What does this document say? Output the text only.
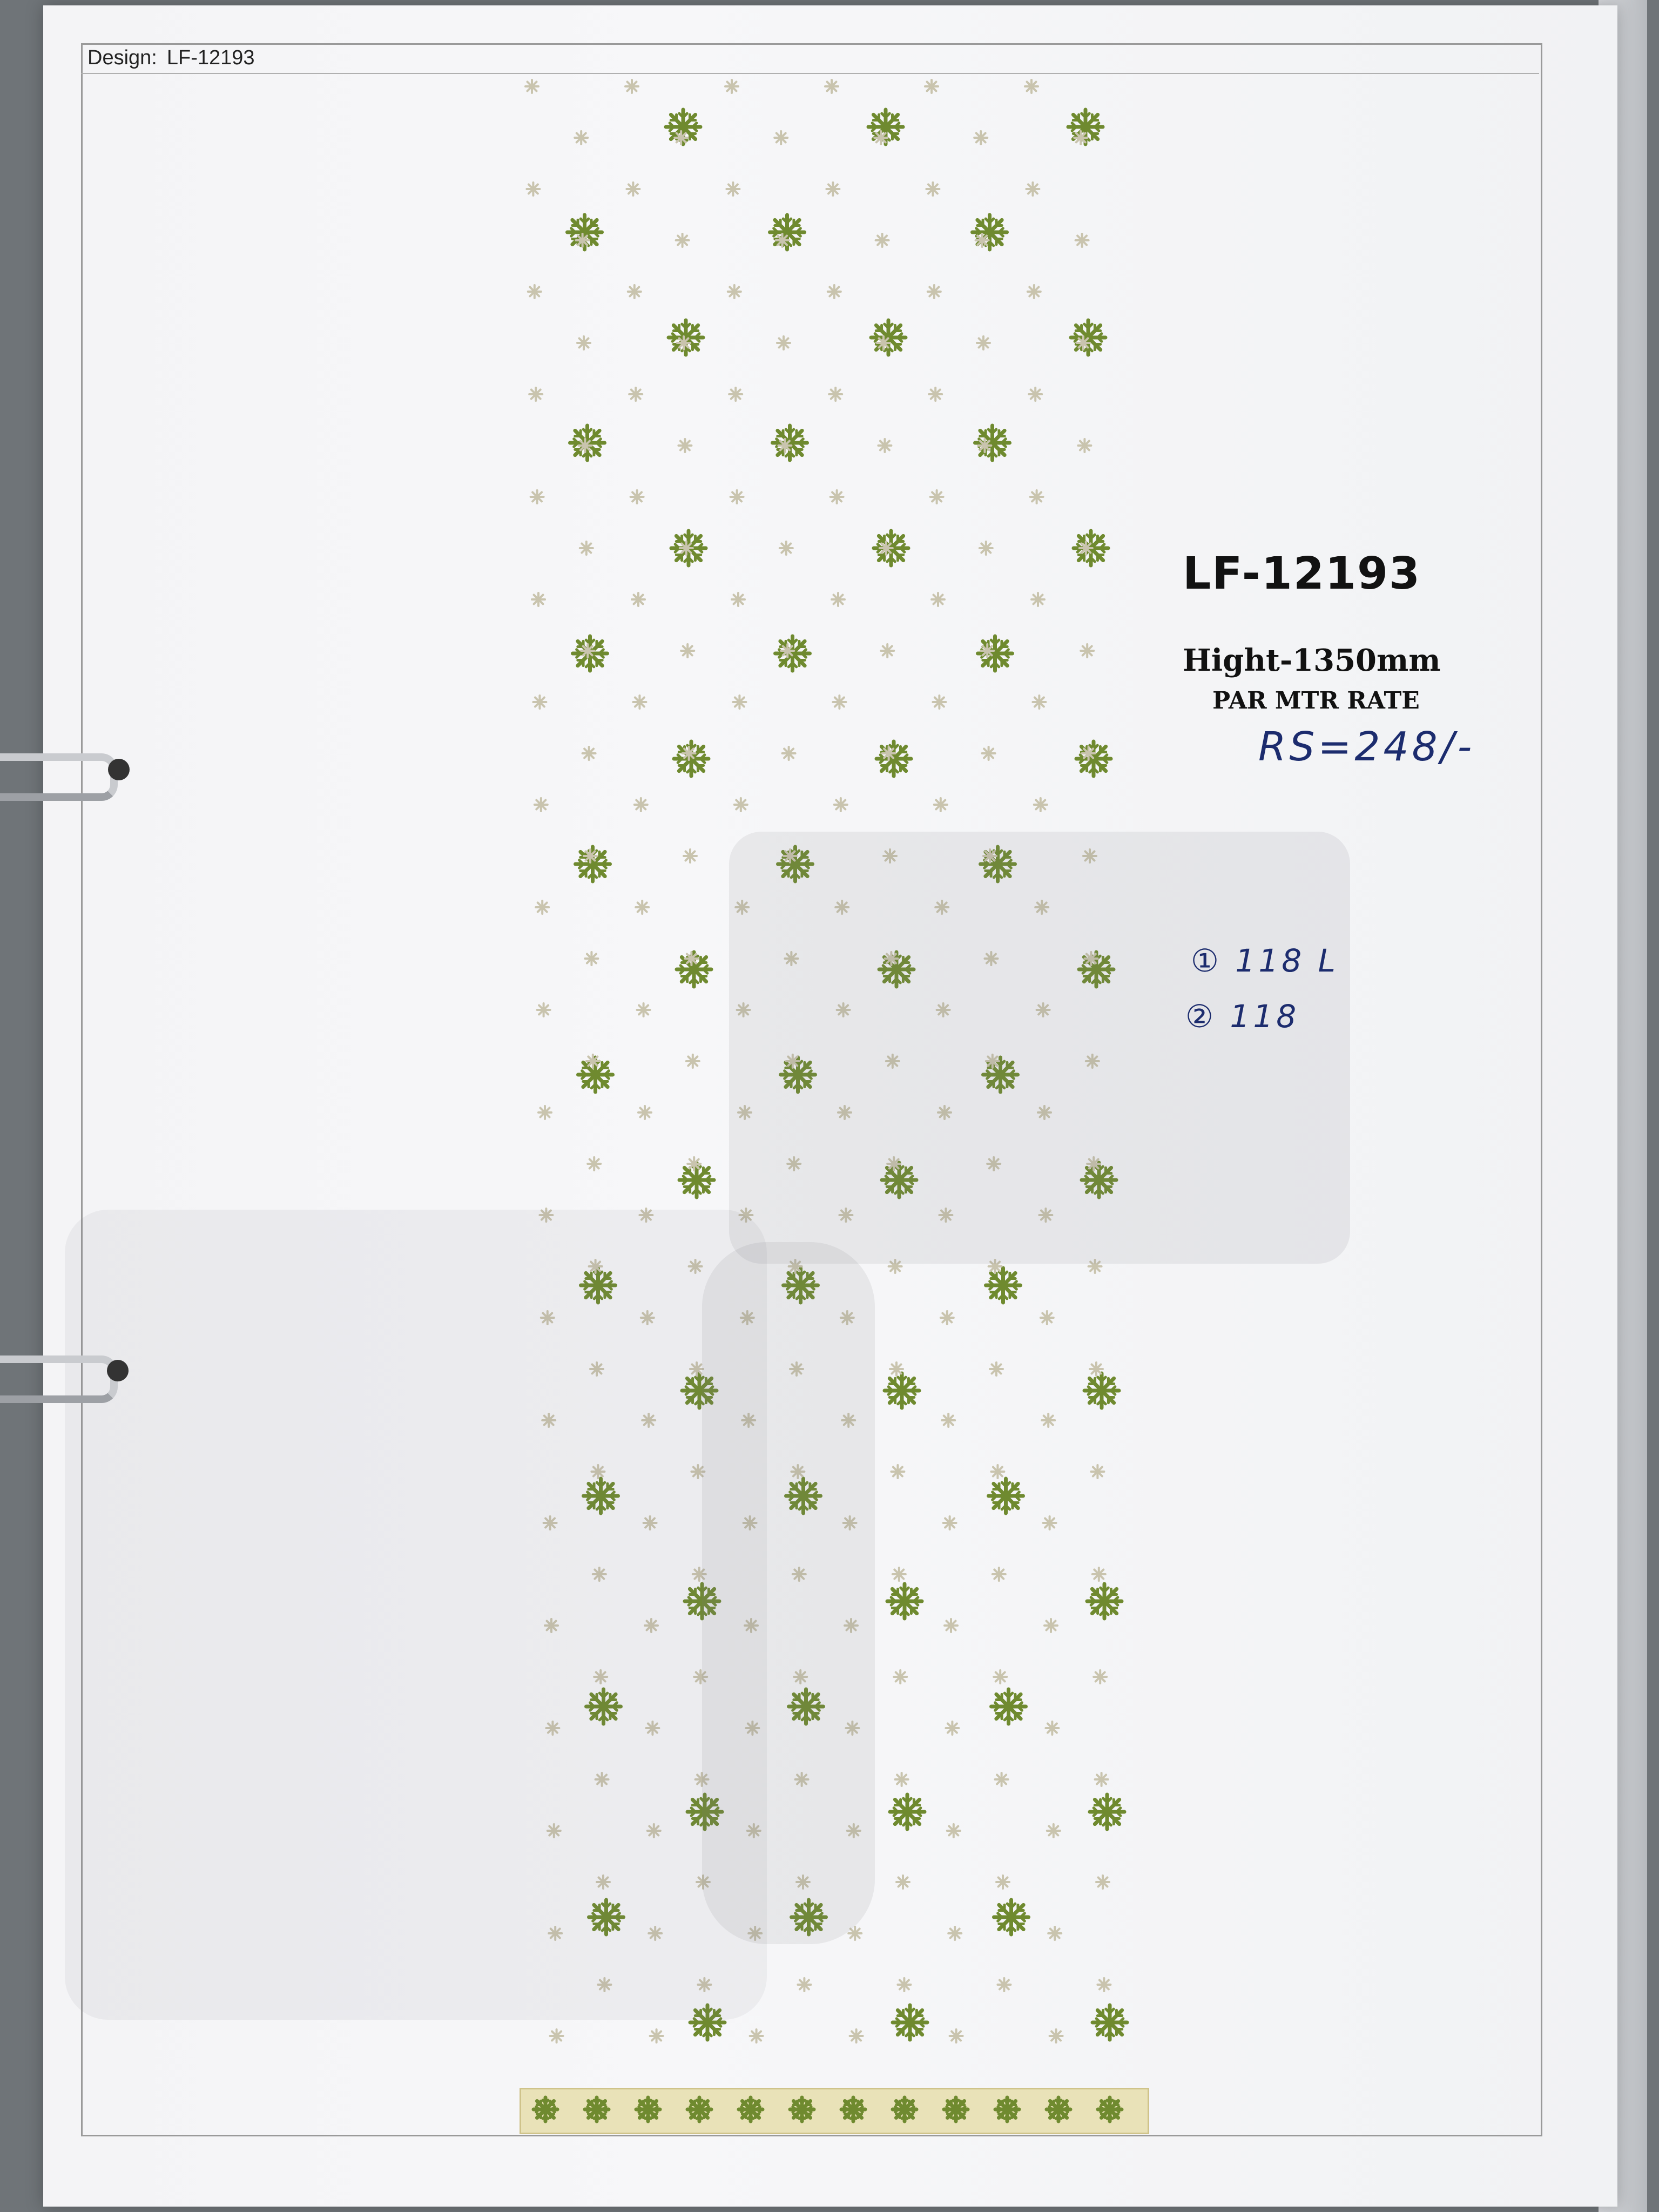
Design: LF-12193
LF-12193
Hight-1350mm
PAR MTR RATE
RS=248/-
① 118 L
② 118
